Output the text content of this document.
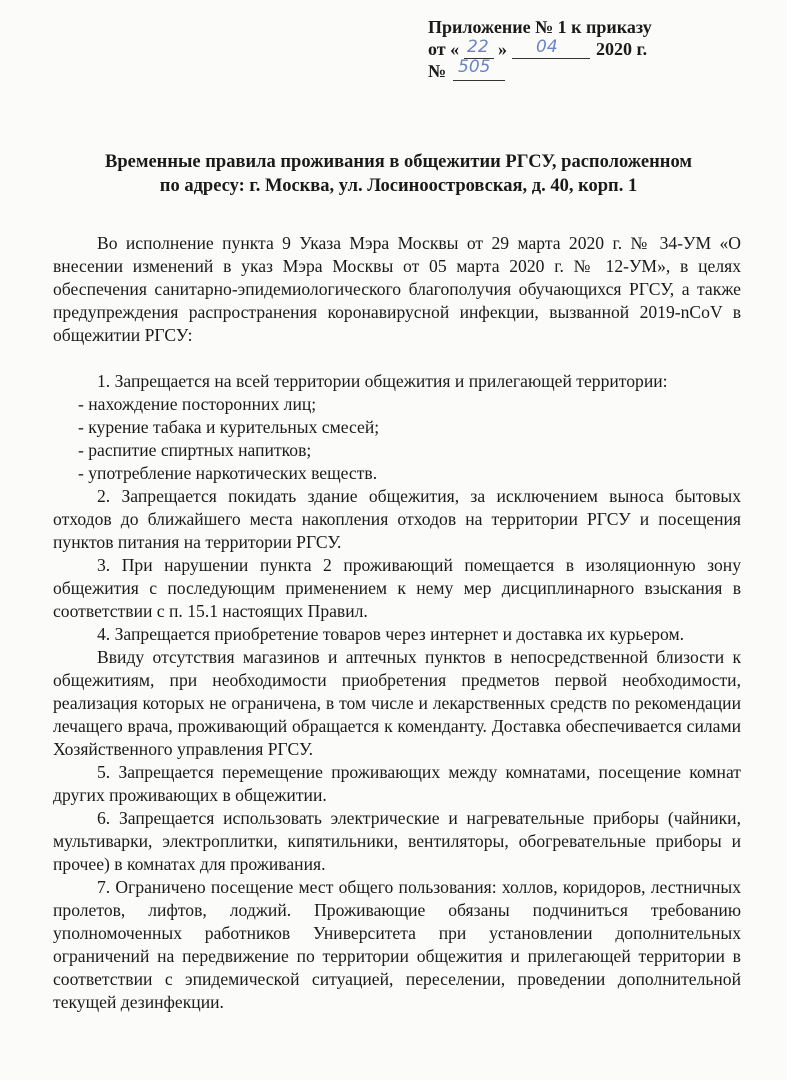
Приложение № 1 к приказу
от « 22 » 04 2020 г.
№ 505
Временные правила проживания в общежитии РГСУ, расположенном
по адресу: г. Москва, ул. Лосиноостровская, д. 40, корп. 1

Во исполнение пункта 9 Указа Мэра Москвы от 29 марта 2020 г. № 34-УМ «О внесении изменений в указ Мэра Москвы от 05 марта 2020 г. № 12-УМ», в целях обеспечения санитарно-эпидемиологического благополучия обучающихся РГСУ, а также предупреждения распространения коронавирусной инфекции, вызванной 2019-nCoV в общежитии РГСУ:

1. Запрещается на всей территории общежития и прилегающей территории:

- нахождение посторонних лиц;
- курение табака и курительных смесей;
- распитие спиртных напитков;
- употребление наркотических веществ.

2. Запрещается покидать здание общежития, за исключением выноса бытовых отходов до ближайшего места накопления отходов на территории РГСУ и посещения пунктов питания на территории РГСУ.

3. При нарушении пункта 2 проживающий помещается в изоляционную зону общежития с последующим применением к нему мер дисциплинарного взыскания в соответствии с п. 15.1 настоящих Правил.

4. Запрещается приобретение товаров через интернет и доставка их курьером.

Ввиду отсутствия магазинов и аптечных пунктов в непосредственной близости к общежитиям, при необходимости приобретения предметов первой необходимости, реализация которых не ограничена, в том числе и лекарственных средств по рекомендации лечащего врача, проживающий обращается к коменданту. Доставка обеспечивается силами Хозяйственного управления РГСУ.

5. Запрещается перемещение проживающих между комнатами, посещение комнат других проживающих в общежитии.

6. Запрещается использовать электрические и нагревательные приборы (чайники, мультиварки, электроплитки, кипятильники, вентиляторы, обогревательные приборы и прочее) в комнатах для проживания.

7. Ограничено посещение мест общего пользования: холлов, коридоров, лестничных пролетов, лифтов, лоджий. Проживающие обязаны подчиниться требованию уполномоченных работников Университета при установлении дополнительных ограничений на передвижение по территории общежития и прилегающей территории в соответствии с эпидемической ситуацией, переселении, проведении дополнительной текущей дезинфекции.
